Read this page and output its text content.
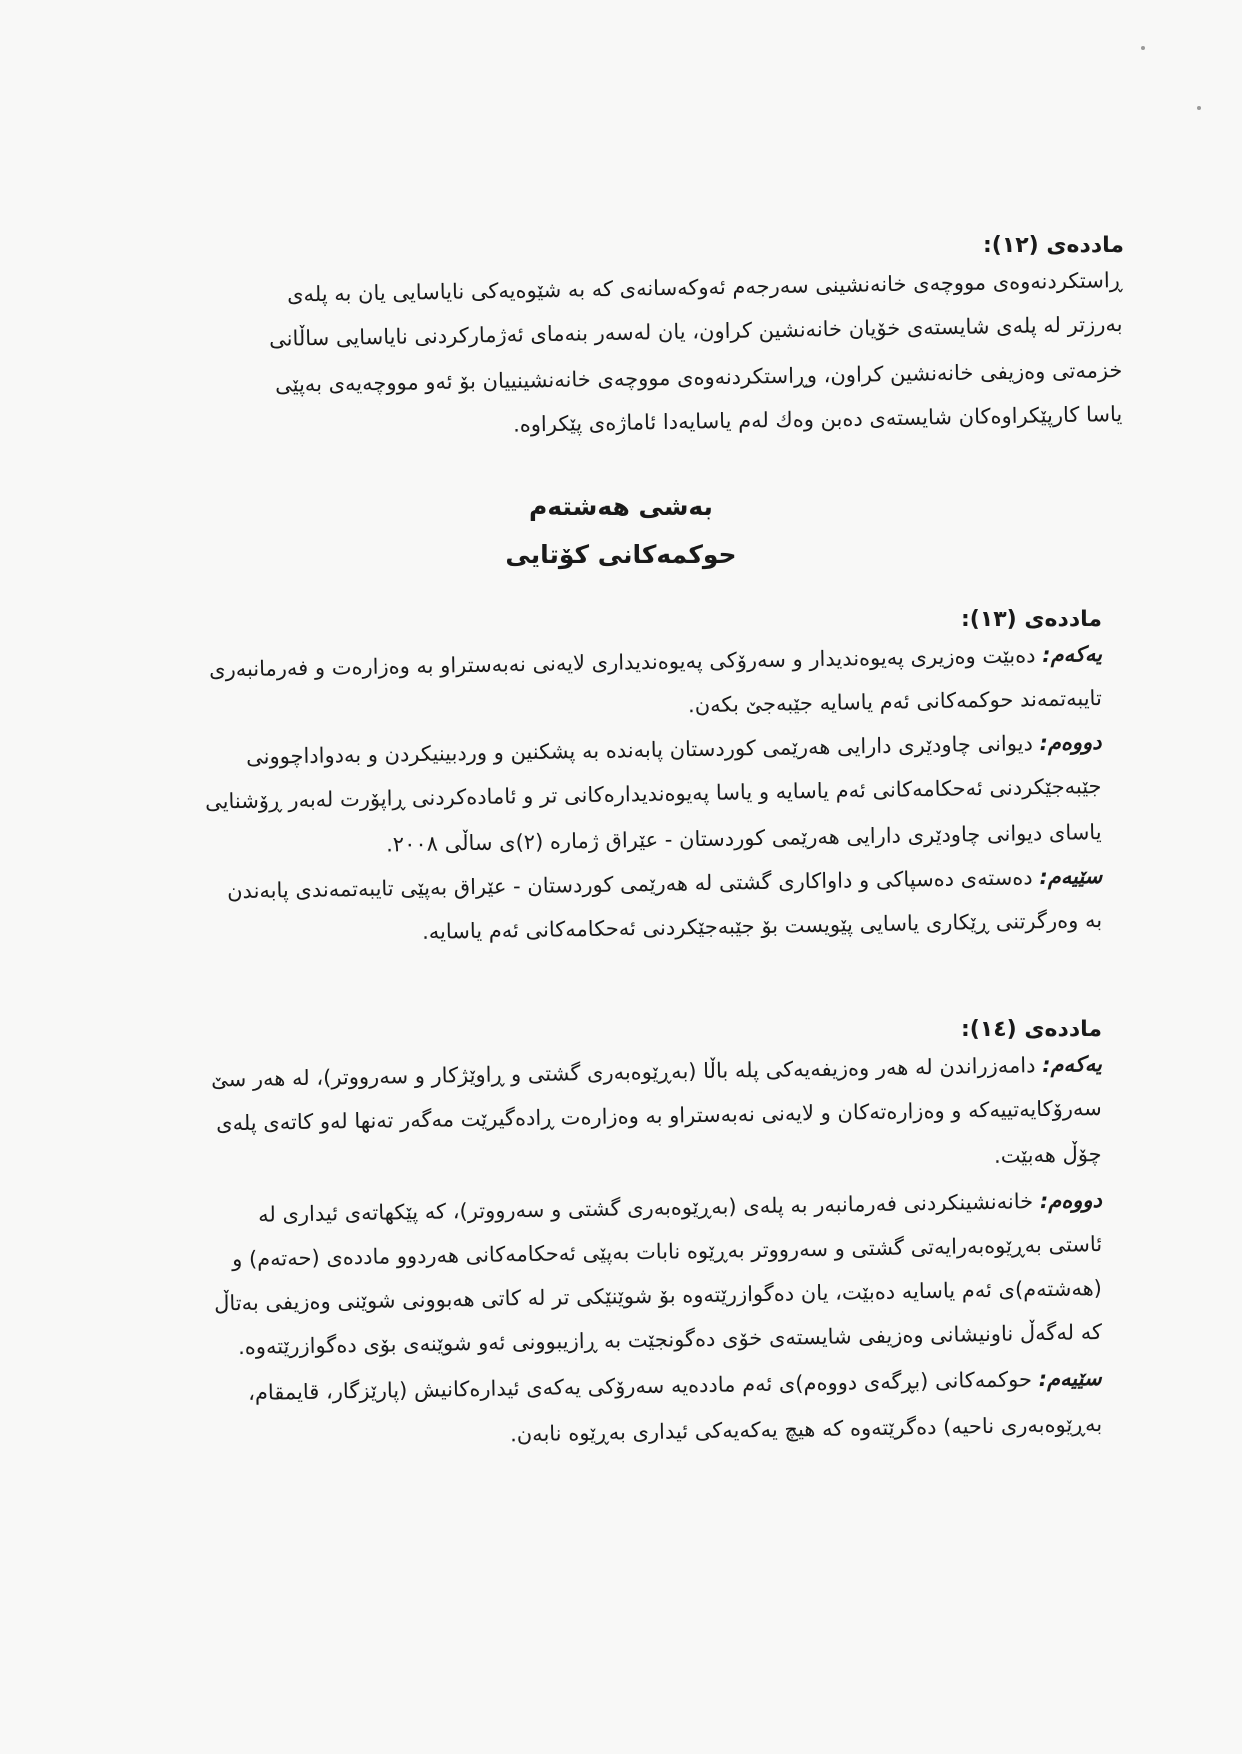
ماددەی (١٢):
ڕاستکردنەوەی مووچەی خانەنشینی سەرجەم ئەوکەسانەی کە بە شێوەیەکی نایاسایی یان بە پلەی
بەرزتر لە پلەی شایستەی خۆیان خانەنشین کراون، یان لەسەر بنەمای ئەژمارکردنی نایاسایی ساڵانی
خزمەتی وەزیفی خانەنشین کراون، وڕاستکردنەوەی مووچەی خانەنشینییان بۆ ئەو مووچەیەی بەپێی
یاسا کارپێکراوەکان شایستەی دەبن وەك لەم یاسایەدا ئاماژەی پێکراوە.
بەشی هەشتەم
حوکمەکانی کۆتایی
ماددەی (١٣):
یەکەم: دەبێت وەزیری پەیوەندیدار و سەرۆکی پەیوەندیداری لایەنی نەبەستراو بە وەزارەت و فەرمانبەری
تایبەتمەند حوکمەکانی ئەم یاسایە جێبەجێ بکەن.
دووەم: دیوانی چاودێری دارایی هەرێمی کوردستان پابەندە بە پشکنین و وردبینیکردن و بەدواداچوونی
جێبەجێکردنی ئەحکامەکانی ئەم یاسایە و یاسا پەیوەندیدارەکانی تر و ئامادەکردنی ڕاپۆرت لەبەر ڕۆشنایی
یاسای دیوانی چاودێری دارایی هەرێمی کوردستان - عێراق ژمارە (٢)ی ساڵی ٢٠٠٨.
سێیەم: دەستەی دەسپاکی و داواکاری گشتی لە هەرێمی کوردستان - عێراق بەپێی تایبەتمەندی پابەندن
بە وەرگرتنی ڕێکاری یاسایی پێویست بۆ جێبەجێکردنی ئەحکامەکانی ئەم یاسایە.
ماددەی (١٤):
یەکەم: دامەزراندن لە هەر وەزیفەیەکی پلە باڵا (بەڕێوەبەری گشتی و ڕاوێژکار و سەرووتر)، لە هەر سێ
سەرۆکایەتییەکە و وەزارەتەکان و لایەنی نەبەستراو بە وەزارەت ڕادەگیرێت مەگەر تەنها لەو کاتەی پلەی
چۆڵ هەبێت.
دووەم: خانەنشینکردنی فەرمانبەر بە پلەی (بەڕێوەبەری گشتی و سەرووتر)، کە پێکهاتەی ئیداری لە
ئاستی بەڕێوەبەرایەتی گشتی و سەرووتر بەڕێوە نابات بەپێی ئەحکامەکانی هەردوو ماددەی (حەتەم) و
(هەشتەم)ی ئەم یاسایە دەبێت، یان دەگوازرێتەوە بۆ شوێنێکی تر لە کاتی هەبوونی شوێنی وەزیفی بەتاڵ
کە لەگەڵ ناونیشانی وەزیفی شایستەی خۆی دەگونجێت بە ڕازیبوونی ئەو شوێنەی بۆی دەگوازرێتەوە.
سێیەم: حوکمەکانی (بڕگەی دووەم)ی ئەم ماددەیە سەرۆکی یەکەی ئیدارەکانیش (پارێزگار، قایمقام،
بەڕێوەبەری ناحیە) دەگرێتەوە کە هیچ یەکەیەکی ئیداری بەڕێوە نابەن.
